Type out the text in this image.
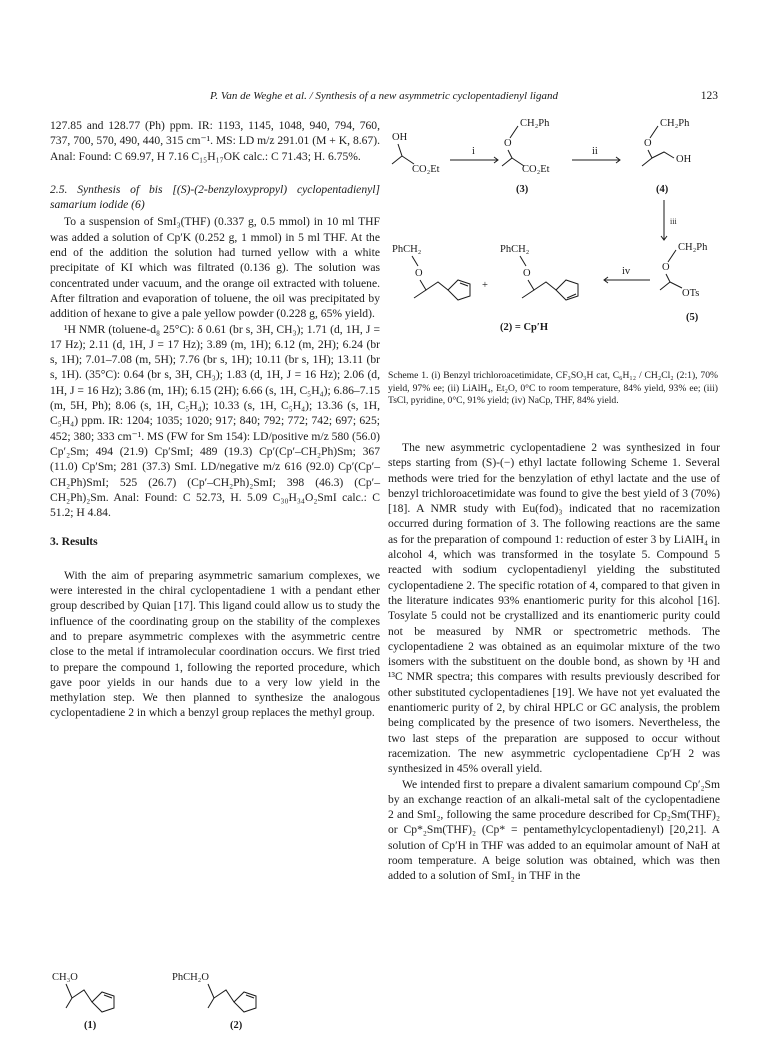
P. Van de Weghe et al. / Synthesis of a new asymmetric cyclopentadienyl ligand	123

127.85 and 128.77 (Ph) ppm. IR: 1193, 1145, 1048, 940, 794, 760, 737, 700, 570, 490, 440, 315 cm⁻¹. MS: LD m/z 291.01 (M + K, 8.67). Anal: Found: C 69.97, H 7.16 C₁₅H₁₇OK calc.: C 71.43; H. 6.75%.

2.5. Synthesis of bis [(S)-(2-benzyloxypropyl) cyclopentadienyl] samarium iodide (6)

To a suspension of SmI₃(THF) (0.337 g, 0.5 mmol) in 10 ml THF was added a solution of Cp′K (0.252 g, 1 mmol) in 5 ml THF. At the end of the addition the solution had turned yellow with a white precipitate of KI which was filtrated (0.136 g). The solution was concentrated under vacuum, and the orange oil extracted with toluene. After filtration and evaporation of toluene, the oil was precipitated by addition of hexane to give a pale yellow powder (0.228 g, 65% yield).

¹H NMR (toluene-d₈ 25°C): δ 0.61 (br s, 3H, CH₃); 1.71 (d, 1H, J = 17 Hz); 2.11 (d, 1H, J = 17 Hz); 3.89 (m, 1H); 6.12 (m, 2H); 6.24 (br s, 1H); 7.01–7.08 (m, 5H); 7.76 (br s, 1H); 10.11 (br s, 1H); 13.11 (br s, 1H). (35°C): 0.64 (br s, 3H, CH₃); 1.83 (d, 1H, J = 16 Hz); 2.06 (d, 1H, J = 16 Hz); 3.86 (m, 1H); 6.15 (2H); 6.66 (s, 1H, C₅H₄); 6.86–7.15 (m, 5H, Ph); 8.06 (s, 1H, C₅H₄); 10.33 (s, 1H, C₅H₄); 13.36 (s, 1H, C₅H₄) ppm. IR: 1204; 1035; 1020; 917; 840; 792; 772; 742; 697; 625; 452; 380; 333 cm⁻¹. MS (FW for Sm 154): LD/positive m/z 580 (56.0) Cp′₂Sm; 494 (21.9) Cp′SmI; 489 (19.3) Cp′(Cp′–CH₂Ph)Sm; 367 (11.0) Cp′Sm; 281 (37.3) SmI. LD/negative m/z 616 (92.0) Cp′(Cp′–CH₂Ph)SmI; 525 (26.7) (Cp′–CH₂Ph)₂SmI; 398 (46.3) (Cp′–CH₂Ph)₂Sm. Anal: Found: C 52.73, H. 5.09 C₃₀H₃₄O₂SmI calc.: C 51.2; H 4.84.

3. Results

With the aim of preparing asymmetric samarium complexes, we were interested in the chiral cyclopentadiene 1 with a pendant ether group described by Quian [17]. This ligand could allow us to study the influence of the coordinating group on the stability of the complexes and to prepare asymmetric complexes with the asymmetric centre close to the metal if intramolecular coordination occurs. We first tried to prepare the compound 1, following the reported procedure, which gave poor yields in our hands due to a very low yield in the methylation step. We then planned to synthesize the analogous cyclopentadiene 2 in which a benzyl group replaces the methyl group.

CH₃O
(1)
PhCH₂O
(2)
OH
CO₂Et
i
CH₂Ph
O
CO₂Et
(3)
ii
CH₂Ph
O
OH
(4)
iii
CH₂Ph
O
OTs
(5)
iv
PhCH₂
O
+
PhCH₂
O
(2) = Cp′H
Scheme 1. (i) Benzyl trichloroacetimidate, CF₃SO₃H cat, C₆H₁₂ / CH₂Cl₂ (2:1), 70% yield, 97% ee; (ii) LiAlH₄, Et₂O, 0°C to room temperature, 84% yield, 93% ee; (iii) TsCl, pyridine, 0°C, 91% yield; (iv) NaCp, THF, 84% yield.

The new asymmetric cyclopentadiene 2 was synthesized in four steps starting from (S)-(−) ethyl lactate following Scheme 1. Several methods were tried for the benzylation of ethyl lactate and the use of benzyl trichloroacetimidate was found to give the best yield of 3 (70%) [18]. A NMR study with Eu(fod)₃ indicated that no racemization occurred during formation of 3. The following reactions are the same as for the preparation of compound 1: reduction of ester 3 by LiAlH₄ in alcohol 4, which was transformed in the tosylate 5. Compound 5 reacted with sodium cyclopentadienyl yielding the substituted cyclopentadiene 2. The specific rotation of 4, compared to that given in the literature indicates 93% enantiomeric purity for this alcohol [16]. Tosylate 5 could not be crystallized and its enantiomeric purity could not be measured by NMR or spectrometric methods. The cyclopentadiene 2 was obtained as an equimolar mixture of the two isomers with the substituent on the double bond, as shown by ¹H and ¹³C NMR spectra; this compares with results previously described for other substituted cyclopentadienes [19]. We have not yet evaluated the enantiomeric purity of 2, by chiral HPLC or GC analysis, the problem being complicated by the presence of two isomers. Nevertheless, the two last steps of the preparation are supposed to occur without racemization. The new asymmetric cyclopentadiene Cp′H 2 was synthesized in 45% overall yield.

We intended first to prepare a divalent samarium compound Cp′₂Sm by an exchange reaction of an alkali-metal salt of the cyclopentadiene 2 and SmI₂, following the same procedure described for Cp₂Sm(THF)₂ or Cp*₂Sm(THF)₂ (Cp* = pentamethylcyclopentadienyl) [20,21]. A solution of Cp′H in THF was added to an equimolar amount of NaH at room temperature. A beige solution was obtained, which was then added to a solution of SmI₂ in THF in the
